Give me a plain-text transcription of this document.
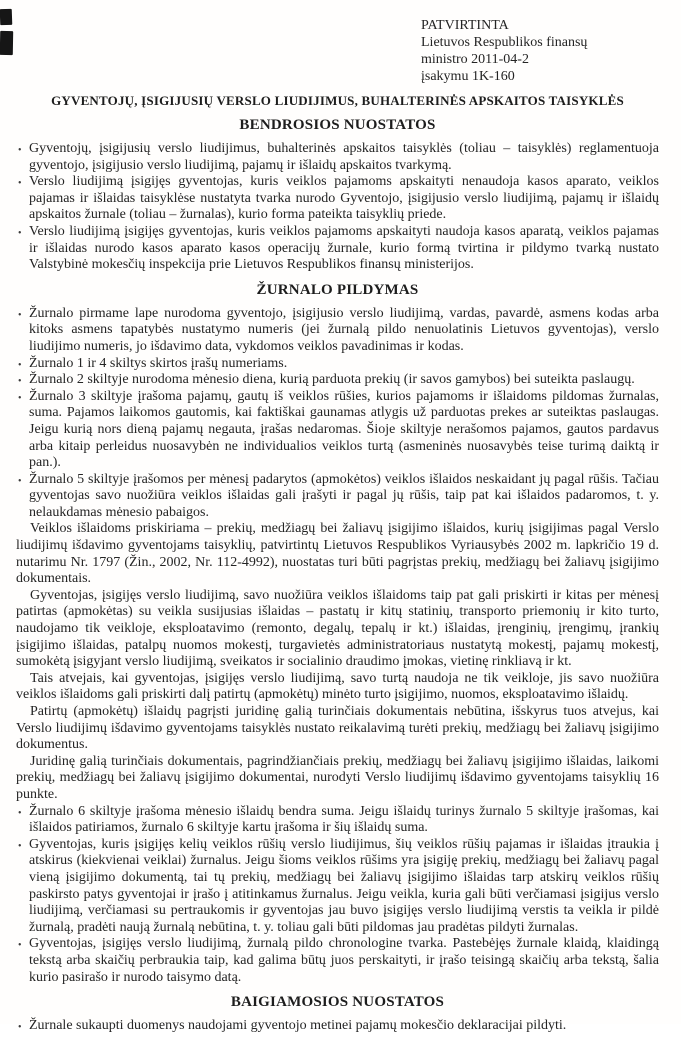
PATVIRTINTA
Lietuvos Respublikos finansų
ministro 2011-04-2
įsakymu 1K-160
GYVENTOJŲ, ĮSIGIJUSIŲ VERSLO LIUDIJIMUS, BUHALTERINĖS APSKAITOS TAISYKLĖS
BENDROSIOS NUOSTATOS

• Gyventojų, įsigijusių verslo liudijimus, buhalterinės apskaitos taisyklės (toliau – taisyklės) reglamentuoja gyventojo, įsigijusio verslo liudijimą, pajamų ir išlaidų apskaitos tvarkymą.

• Verslo liudijimą įsigijęs gyventojas, kuris veiklos pajamoms apskaityti nenaudoja kasos aparato, veiklos pajamas ir išlaidas taisyklėse nustatyta tvarka nurodo Gyventojo, įsigijusio verslo liudijimą, pajamų ir išlaidų apskaitos žurnale (toliau – žurnalas), kurio forma pateikta taisyklių priede.

• Verslo liudijimą įsigijęs gyventojas, kuris veiklos pajamoms apskaityti naudoja kasos aparatą, veiklos pajamas ir išlaidas nurodo kasos aparato kasos operacijų žurnale, kurio formą tvirtina ir pildymo tvarką nustato Valstybinė mokesčių inspekcija prie Lietuvos Respublikos finansų ministerijos.

ŽURNALO PILDYMAS

• Žurnalo pirmame lape nurodoma gyventojo, įsigijusio verslo liudijimą, vardas, pavardė, asmens kodas arba kitoks asmens tapatybės nustatymo numeris (jei žurnalą pildo nenuolatinis Lietuvos gyventojas), verslo liudijimo numeris, jo išdavimo data, vykdomos veiklos pavadinimas ir kodas.

• Žurnalo 1 ir 4 skiltys skirtos įrašų numeriams.

• Žurnalo 2 skiltyje nurodoma mėnesio diena, kurią parduota prekių (ir savos gamybos) bei suteikta paslaugų.

• Žurnalo 3 skiltyje įrašoma pajamų, gautų iš veiklos rūšies, kurios pajamoms ir išlaidoms pildomas žurnalas, suma. Pajamos laikomos gautomis, kai faktiškai gaunamas atlygis už parduotas prekes ar suteiktas paslaugas. Jeigu kurią nors dieną pajamų negauta, įrašas nedaromas. Šioje skiltyje nerašomos pajamos, gautos pardavus arba kitaip perleidus nuosavybėn ne individualios veiklos turtą (asmeninės nuosavybės teise turimą daiktą ir pan.).

• Žurnalo 5 skiltyje įrašomos per mėnesį padarytos (apmokėtos) veiklos išlaidos neskaidant jų pagal rūšis. Tačiau gyventojas savo nuožiūra veiklos išlaidas gali įrašyti ir pagal jų rūšis, taip pat kai išlaidos padaromos, t. y. nelaukdamas mėnesio pabaigos.

Veiklos išlaidoms priskiriama – prekių, medžiagų bei žaliavų įsigijimo išlaidos, kurių įsigijimas pagal Verslo liudijimų išdavimo gyventojams taisyklių, patvirtintų Lietuvos Respublikos Vyriausybės 2002 m. lapkričio 19 d. nutarimu Nr. 1797 (Žin., 2002, Nr. 112-4992), nuostatas turi būti pagrįstas prekių, medžiagų bei žaliavų įsigijimo dokumentais.

Gyventojas, įsigijęs verslo liudijimą, savo nuožiūra veiklos išlaidoms taip pat gali priskirti ir kitas per mėnesį patirtas (apmokėtas) su veikla susijusias išlaidas – pastatų ir kitų statinių, transporto priemonių ir kito turto, naudojamo tik veikloje, eksploatavimo (remonto, degalų, tepalų ir kt.) išlaidas, įrenginių, įrengimų, įrankių įsigijimo išlaidas, patalpų nuomos mokestį, turgavietės administratoriaus nustatytą mokestį, pajamų mokestį, sumokėtą įsigyjant verslo liudijimą, sveikatos ir socialinio draudimo įmokas, vietinę rinkliavą ir kt.

Tais atvejais, kai gyventojas, įsigijęs verslo liudijimą, savo turtą naudoja ne tik veikloje, jis savo nuožiūra veiklos išlaidoms gali priskirti dalį patirtų (apmokėtų) minėto turto įsigijimo, nuomos, eksploatavimo išlaidų.

Patirtų (apmokėtų) išlaidų pagrįsti juridinę galią turinčiais dokumentais nebūtina, išskyrus tuos atvejus, kai Verslo liudijimų išdavimo gyventojams taisyklės nustato reikalavimą turėti prekių, medžiagų bei žaliavų įsigijimo dokumentus.

Juridinę galią turinčiais dokumentais, pagrindžiančiais prekių, medžiagų bei žaliavų įsigijimo išlaidas, laikomi prekių, medžiagų bei žaliavų įsigijimo dokumentai, nurodyti Verslo liudijimų išdavimo gyventojams taisyklių 16 punkte.

• Žurnalo 6 skiltyje įrašoma mėnesio išlaidų bendra suma. Jeigu išlaidų turinys žurnalo 5 skiltyje įrašomas, kai išlaidos patiriamos, žurnalo 6 skiltyje kartu įrašoma ir šių išlaidų suma.

• Gyventojas, kuris įsigijęs kelių veiklos rūšių verslo liudijimus, šių veiklos rūšių pajamas ir išlaidas įtraukia į atskirus (kiekvienai veiklai) žurnalus. Jeigu šioms veiklos rūšims yra įsigiję prekių, medžiagų bei žaliavų pagal vieną įsigijimo dokumentą, tai tų prekių, medžiagų bei žaliavų įsigijimo išlaidas tarp atskirų veiklos rūšių paskirsto patys gyventojai ir įrašo į atitinkamus žurnalus. Jeigu veikla, kuria gali būti verčiamasi įsigijus verslo liudijimą, verčiamasi su pertraukomis ir gyventojas jau buvo įsigijęs verslo liudijimą verstis ta veikla ir pildė žurnalą, pradėti naują žurnalą nebūtina, t. y. toliau gali būti pildomas jau pradėtas pildyti žurnalas.

• Gyventojas, įsigijęs verslo liudijimą, žurnalą pildo chronologine tvarka. Pastebėjęs žurnale klaidą, klaidingą tekstą arba skaičių perbraukia taip, kad galima būtų juos perskaityti, ir įrašo teisingą skaičių arba tekstą, šalia kurio pasirašo ir nurodo taisymo datą.

BAIGIAMOSIOS NUOSTATOS

• Žurnale sukaupti duomenys naudojami gyventojo metinei pajamų mokesčio deklaracijai pildyti.
